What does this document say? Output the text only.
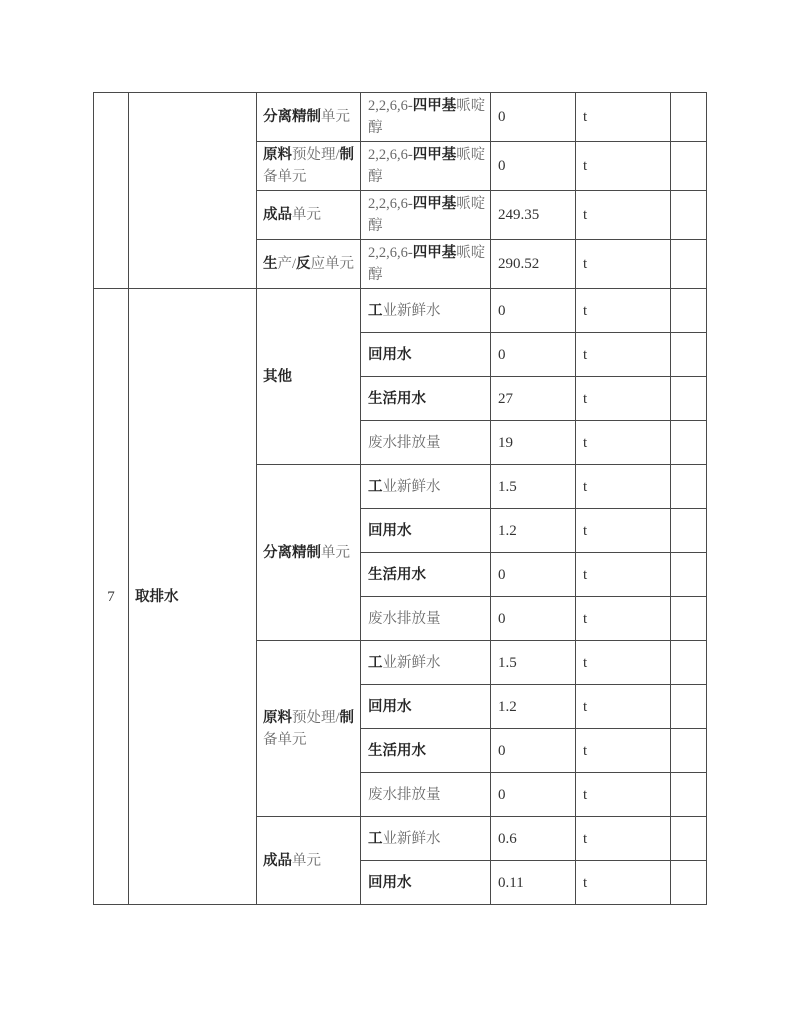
		分离精制单元	2,2,6,6-四甲基哌啶醇	0	t	
		原料预处理/制备单元	2,2,6,6-四甲基哌啶醇	0	t	
		成品单元	2,2,6,6-四甲基哌啶醇	249.35	t	
		生产/反应单元	2,2,6,6-四甲基哌啶醇	290.52	t	
7	取排水	其他	工业新鲜水	0	t	
			回用水	0	t	
			生活用水	27	t	
			废水排放量	19	t	
		分离精制单元	工业新鲜水	1.5	t	
			回用水	1.2	t	
			生活用水	0	t	
			废水排放量	0	t	
		原料预处理/制备单元	工业新鲜水	1.5	t	
			回用水	1.2	t	
			生活用水	0	t	
			废水排放量	0	t	
		成品单元	工业新鲜水	0.6	t	
			回用水	0.11	t	
